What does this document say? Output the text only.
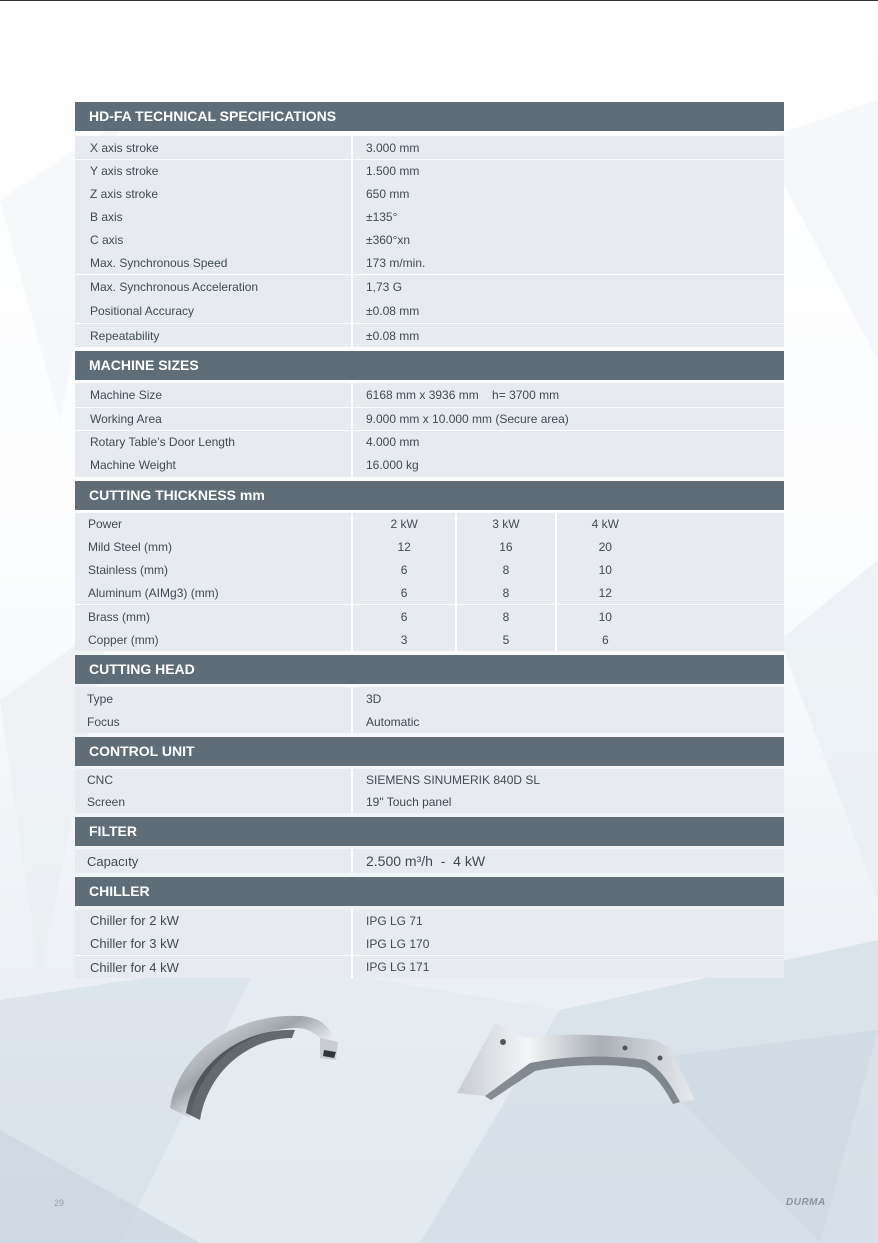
HD-FA TECHNICAL SPECIFICATIONS
X axis stroke	3.000 mm
Y axis stroke	1.500 mm
Z axis stroke	650 mm
B axis	±135°
C axis	±360°xn
Max. Synchronous Speed	173 m/min.
Max. Synchronous Acceleration	1,73 G
Positional Accuracy	±0.08 mm
Repeatability	±0.08 mm
MACHINE SIZES
Machine Size	6168 mm x 3936 mm    h= 3700 mm
Working Area	9.000 mm x 10.000 mm (Secure area)
Rotary Table’s Door Length	4.000 mm
Machine Weight	16.000 kg
CUTTING THICKNESS mm
Power	2 kW	3 kW	4 kW
Mild Steel (mm)	12	16	20
Stainless (mm)	6	8	10
Aluminum (AIMg3) (mm)	6	8	12
Brass (mm)	6	8	10
Copper (mm)	3	5	6
CUTTING HEAD
Type	3D
Focus	Automatic
CONTROL UNIT
CNC	SIEMENS SINUMERIK 840D SL
Screen	19" Touch panel
FILTER
Capacıty	2.500 m³/h  -  4 kW
CHILLER
Chiller for 2 kW	IPG LG 71
Chiller for 3 kW	IPG LG 170
Chiller for 4 kW	IPG LG 171
29	DURMA
